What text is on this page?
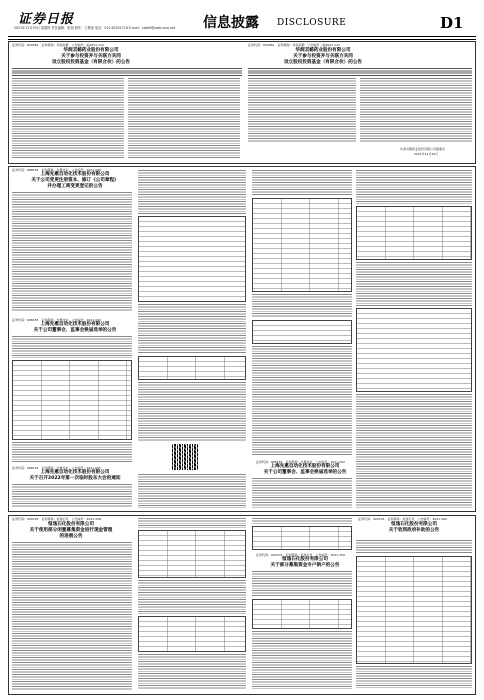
证券日报
2021年12月30日 星期四 责任编辑：张旭 制作：王敬涛 电话：010-83251716 E-mail：zqrb9@zqrb.sina.net 信息披露 DISCLOSURE	D1
证券代码：600062　证券简称：华润双鹤　公告编号：临2021-110
华润双鹤药业股份有限公司
关于参与投资并与关联方共同
设立股权投资基金（有限合伙）的公告
证券代码：600062　证券简称：华润双鹤　公告编号：临2021-111
华润双鹤药业股份有限公司
关于参与投资并与关联方共同
设立股权投资基金（有限合伙）的公告
华润双鹤药业股份有限公司董事会
2021年12月30日
证券代码：688155　证券简称：先惠技术　公告编号：2021-089
上海先惠自动化技术股份有限公司
关于公司变更注册资本、修订《公司章程》
并办理工商变更登记的公告
证券代码：688155　证券简称：先惠技术　公告编号：2021-090
上海先惠自动化技术股份有限公司
关于公司董事会、监事会换届选举的公告
证券代码：688155　证券简称：先惠技术　公告编号：2021-091
上海先惠自动化技术股份有限公司
关于召开2022年第一次临时股东大会的通知
证券代码：688155　证券简称：先惠技术　公告编号：2021-092
上海先惠自动化技术股份有限公司
关于公司董事会、监事会换届选举的公告
证券代码：000703　证券简称：恒逸石化　公告编号：2021-158
恒逸石化股份有限公司
关于使用部分闲置募集资金进行现金管理
的进展公告
证券代码：000703　证券简称：恒逸石化　公告编号：2021-159
恒逸石化股份有限公司
关于部分募集资金专户销户的公告
证券代码：000703　证券简称：恒逸石化　公告编号：2021-160
恒逸石化股份有限公司
关于收到政府补助的公告
